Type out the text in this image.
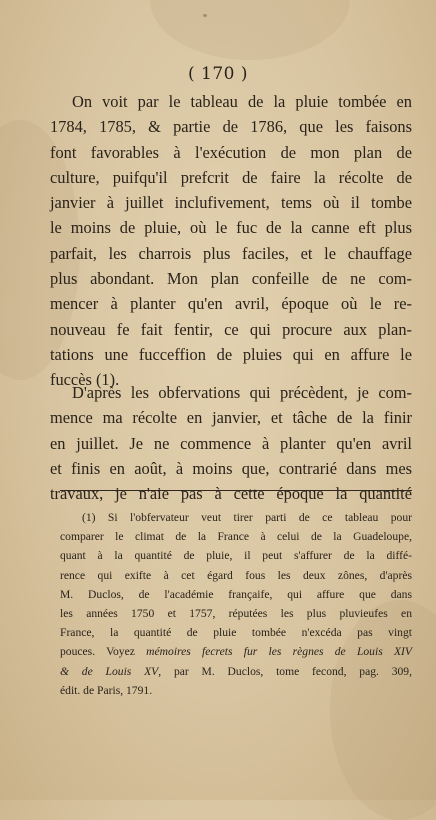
( 170 )

On voit par le tableau de la pluie tombée en
1784, 1785, & partie de 1786, que les faisons
font favorables à l'exécution de mon plan de
culture, puifqu'il prefcrit de faire la récolte de
janvier à juillet inclufivement, tems où il tombe
le moins de pluie, où le fuc de la canne eft plus
parfait, les charrois plus faciles, et le chauffage
plus abondant. Mon plan confeille de ne com-
mencer à planter qu'en avril, époque où le re-
nouveau fe fait fentir, ce qui procure aux plan-
tations une fucceffion de pluies qui en affure le
fuccès (1).

D'après les obfervations qui précèdent, je com-
mence ma récolte en janvier, et tâche de la finir
en juillet. Je ne commence à planter qu'en avril
et finis en août, à moins que, contrarié dans mes
travaux, je n'aie pas à cette époque la quantité

(1) Si l'obfervateur veut tirer parti de ce tableau pour
comparer le climat de la France à celui de la Guadeloupe,
quant à la quantité de pluie, il peut s'affurer de la diffé-
rence qui exifte à cet égard fous les deux zônes, d'après
M. Duclos, de l'académie françaife, qui affure que dans
les années 1750 et 1757, réputées les plus pluvieufes en
France, la quantité de pluie tombée n'excéda pas vingt
pouces. Voyez mémoires fecrets fur les règnes de Louis XIV
& de Louis XV, par M. Duclos, tome fecond, pag. 309,
édit. de Paris, 1791.
